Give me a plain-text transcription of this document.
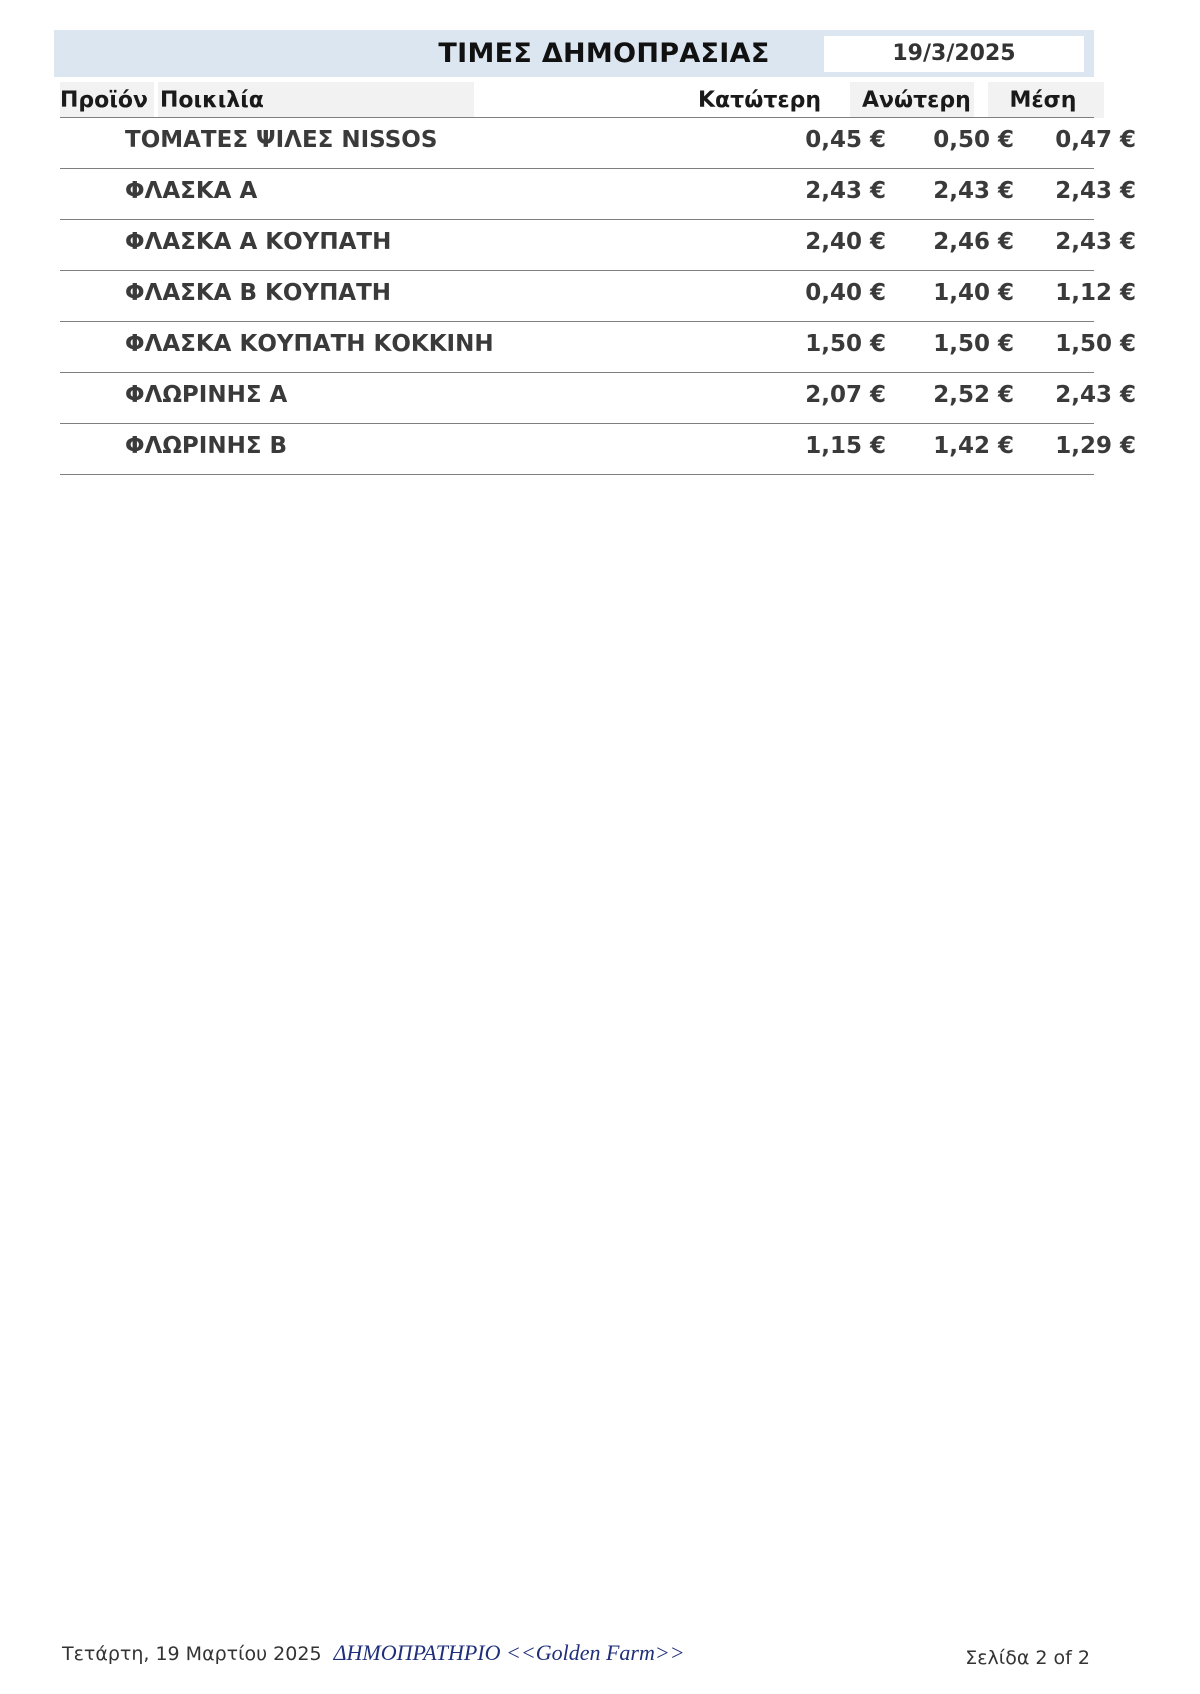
ΤΙΜΕΣ ΔΗΜΟΠΡΑΣΙΑΣ	19/3/2025
Προϊόν Ποικιλία	Κατώτερη	Ανώτερη	Μέση
ΤΟΜΑΤΕΣ ΨΙΛΕΣ NISSOS	0,45 € 0,50 € 0,47 €
ΦΛΑΣΚΑ Α	2,43 € 2,43 € 2,43 €
ΦΛΑΣΚΑ Α ΚΟΥΠΑΤΗ	2,40 € 2,46 € 2,43 €
ΦΛΑΣΚΑ Β ΚΟΥΠΑΤΗ	0,40 € 1,40 € 1,12 €
ΦΛΑΣΚΑ ΚΟΥΠΑΤΗ ΚΟΚΚΙΝΗ	1,50 € 1,50 € 1,50 €
ΦΛΩΡΙΝΗΣ Α	2,07 € 2,52 € 2,43 €
ΦΛΩΡΙΝΗΣ Β	1,15 € 1,42 € 1,29 €
Τετάρτη, 19 Μαρτίου 2025 ΔΗΜΟΠΡΑΤΗΡΙΟ <<Golden Farm>>	Σελίδα 2 of 2
